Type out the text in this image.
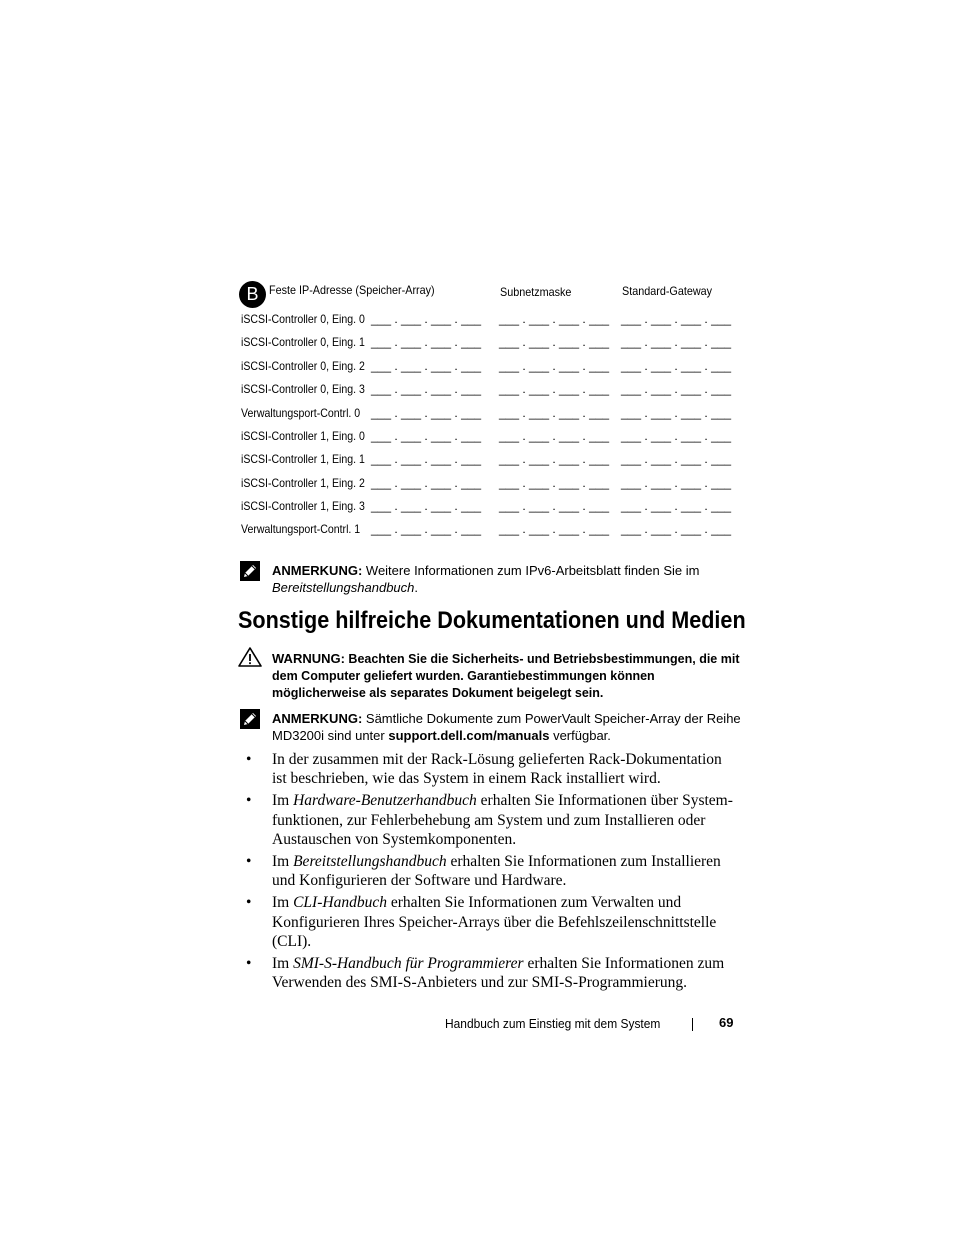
B Feste IP-Adresse (Speicher-Array)	Subnetzmaske	Standard-Gateway
iSCSI-Controller 0, Eing. 0 ___ . ___ . ___ . ___ ___ . ___ . ___ . ___ ___ . ___ . ___ . ___
iSCSI-Controller 0, Eing. 1 ___ . ___ . ___ . ___ ___ . ___ . ___ . ___ ___ . ___ . ___ . ___
iSCSI-Controller 0, Eing. 2 ___ . ___ . ___ . ___ ___ . ___ . ___ . ___ ___ . ___ . ___ . ___
iSCSI-Controller 0, Eing. 3 ___ . ___ . ___ . ___ ___ . ___ . ___ . ___ ___ . ___ . ___ . ___
Verwaltungsport-Contrl. 0 ___ . ___ . ___ . ___ ___ . ___ . ___ . ___ ___ . ___ . ___ . ___
iSCSI-Controller 1, Eing. 0 ___ . ___ . ___ . ___ ___ . ___ . ___ . ___ ___ . ___ . ___ . ___
iSCSI-Controller 1, Eing. 1 ___ . ___ . ___ . ___ ___ . ___ . ___ . ___ ___ . ___ . ___ . ___
iSCSI-Controller 1, Eing. 2 ___ . ___ . ___ . ___ ___ . ___ . ___ . ___ ___ . ___ . ___ . ___
iSCSI-Controller 1, Eing. 3 ___ . ___ . ___ . ___ ___ . ___ . ___ . ___ ___ . ___ . ___ . ___
Verwaltungsport-Contrl. 1 ___ . ___ . ___ . ___ ___ . ___ . ___ . ___ ___ . ___ . ___ . ___
ANMERKUNG: Weitere Informationen zum IPv6-Arbeitsblatt finden Sie im
Bereitstellungshandbuch.
Sonstige hilfreiche Dokumentationen und Medien
WARNUNG: Beachten Sie die Sicherheits- und Betriebsbestimmungen, die mit dem Computer geliefert wurden. Garantiebestimmungen können möglicherweise als separates Dokument beigelegt sein.
ANMERKUNG: Sämtliche Dokumente zum PowerVault Speicher-Array der Reihe MD3200i sind unter support.dell.com/manuals verfügbar.
• In der zusammen mit der Rack-Lösung gelieferten Rack-Dokumentation ist beschrieben, wie das System in einem Rack installiert wird.
• Im Hardware-Benutzerhandbuch erhalten Sie Informationen über System-funktionen, zur Fehlerbehebung am System und zum Installieren oder Austauschen von Systemkomponenten.
• Im Bereitstellungshandbuch erhalten Sie Informationen zum Installieren und Konfigurieren der Software und Hardware.
• Im CLI-Handbuch erhalten Sie Informationen zum Verwalten und Konfigurieren Ihres Speicher-Arrays über die Befehlszeilenschnittstelle (CLI).
• Im SMI-S-Handbuch für Programmierer erhalten Sie Informationen zum Verwenden des SMI-S-Anbieters und zur SMI-S-Programmierung.
Handbuch zum Einstieg mit dem System	69
